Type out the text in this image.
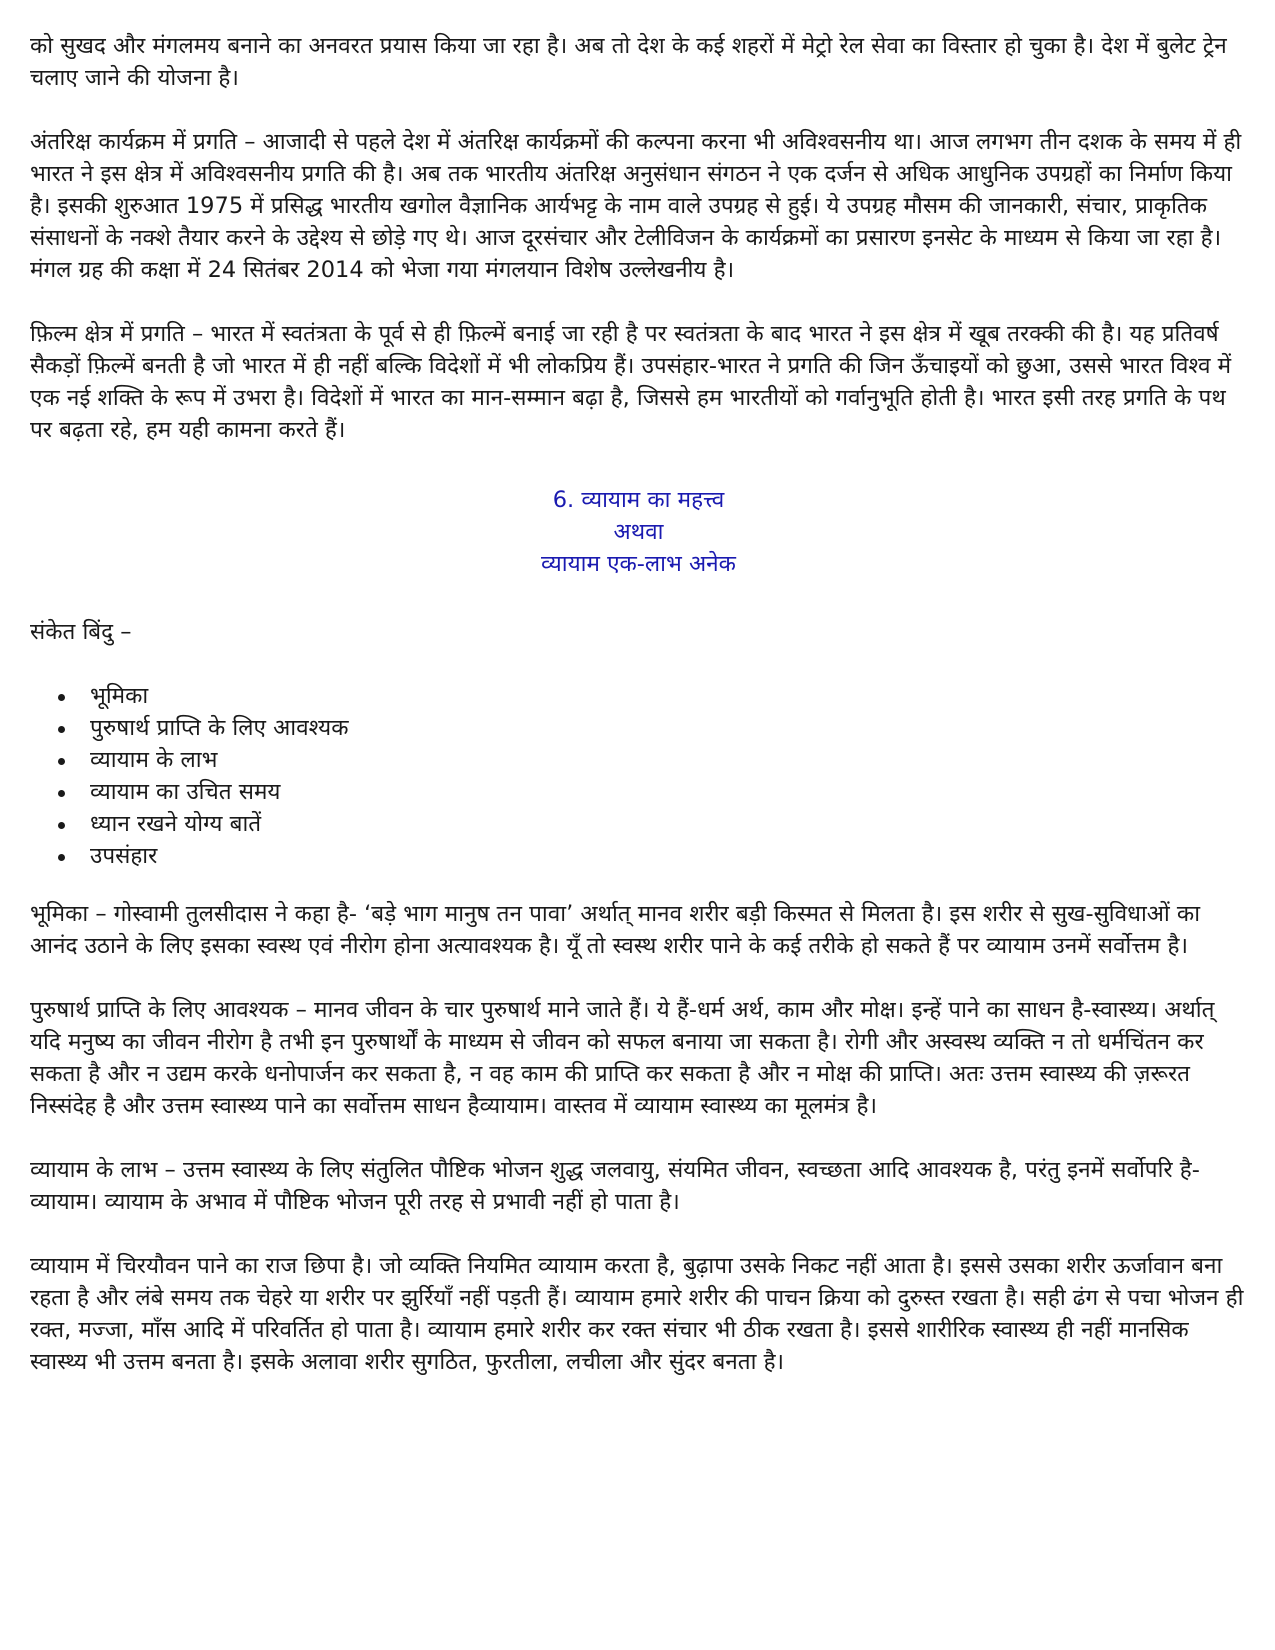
को सुखद और मंगलमय बनाने का अनवरत प्रयास किया जा रहा है। अब तो देश के कई शहरों में मेट्रो रेल सेवा का विस्तार हो चुका है। देश में बुलेट ट्रेन चलाए जाने की योजना है।

अंतरिक्ष कार्यक्रम में प्रगति – आजादी से पहले देश में अंतरिक्ष कार्यक्रमों की कल्पना करना भी अविश्वसनीय था। आज लगभग तीन दशक के समय में ही भारत ने इस क्षेत्र में अविश्वसनीय प्रगति की है। अब तक भारतीय अंतरिक्ष अनुसंधान संगठन ने एक दर्जन से अधिक आधुनिक उपग्रहों का निर्माण किया है। इसकी शुरुआत 1975 में प्रसिद्ध भारतीय खगोल वैज्ञानिक आर्यभट्ट के नाम वाले उपग्रह से हुई। ये उपग्रह मौसम की जानकारी, संचार, प्राकृतिक संसाधनों के नक्शे तैयार करने के उद्देश्य से छोड़े गए थे। आज दूरसंचार और टेलीविजन के कार्यक्रमों का प्रसारण इनसेट के माध्यम से किया जा रहा है। मंगल ग्रह की कक्षा में 24 सितंबर 2014 को भेजा गया मंगलयान विशेष उल्लेखनीय है।

फ़िल्म क्षेत्र में प्रगति – भारत में स्वतंत्रता के पूर्व से ही फ़िल्में बनाई जा रही है पर स्वतंत्रता के बाद भारत ने इस क्षेत्र में खूब तरक्की की है। यह प्रतिवर्ष सैकड़ों फ़िल्में बनती है जो भारत में ही नहीं बल्कि विदेशों में भी लोकप्रिय हैं। उपसंहार-भारत ने प्रगति की जिन ऊँचाइयों को छुआ, उससे भारत विश्व में एक नई शक्ति के रूप में उभरा है। विदेशों में भारत का मान-सम्मान बढ़ा है, जिससे हम भारतीयों को गर्वानुभूति होती है। भारत इसी तरह प्रगति के पथ पर बढ़ता रहे, हम यही कामना करते हैं।

6. व्यायाम का महत्त्व
अथवा
व्यायाम एक-लाभ अनेक

संकेत बिंदु –

भूमिका
पुरुषार्थ प्राप्ति के लिए आवश्यक
व्यायाम के लाभ
व्यायाम का उचित समय
ध्यान रखने योग्य बातें
उपसंहार

भूमिका – गोस्वामी तुलसीदास ने कहा है- ‘बड़े भाग मानुष तन पावा’ अर्थात् मानव शरीर बड़ी किस्मत से मिलता है। इस शरीर से सुख-सुविधाओं का आनंद उठाने के लिए इसका स्वस्थ एवं नीरोग होना अत्यावश्यक है। यूँ तो स्वस्थ शरीर पाने के कई तरीके हो सकते हैं पर व्यायाम उनमें सर्वोत्तम है।

पुरुषार्थ प्राप्ति के लिए आवश्यक – मानव जीवन के चार पुरुषार्थ माने जाते हैं। ये हैं-धर्म अर्थ, काम और मोक्ष। इन्हें पाने का साधन है-स्वास्थ्य। अर्थात् यदि मनुष्य का जीवन नीरोग है तभी इन पुरुषार्थों के माध्यम से जीवन को सफल बनाया जा सकता है। रोगी और अस्वस्थ व्यक्ति न तो धर्मचिंतन कर सकता है और न उद्यम करके धनोपार्जन कर सकता है, न वह काम की प्राप्ति कर सकता है और न मोक्ष की प्राप्ति। अतः उत्तम स्वास्थ्य की ज़रूरत निस्संदेह है और उत्तम स्वास्थ्य पाने का सर्वोत्तम साधन हैव्यायाम। वास्तव में व्यायाम स्वास्थ्य का मूलमंत्र है।

व्यायाम के लाभ – उत्तम स्वास्थ्य के लिए संतुलित पौष्टिक भोजन शुद्ध जलवायु, संयमित जीवन, स्वच्छता आदि आवश्यक है, परंतु इनमें सर्वोपरि है-व्यायाम। व्यायाम के अभाव में पौष्टिक भोजन पूरी तरह से प्रभावी नहीं हो पाता है।

व्यायाम में चिरयौवन पाने का राज छिपा है। जो व्यक्ति नियमित व्यायाम करता है, बुढ़ापा उसके निकट नहीं आता है। इससे उसका शरीर ऊर्जावान बना रहता है और लंबे समय तक चेहरे या शरीर पर झुर्रियाँ नहीं पड़ती हैं। व्यायाम हमारे शरीर की पाचन क्रिया को दुरुस्त रखता है। सही ढंग से पचा भोजन ही रक्त, मज्जा, माँस आदि में परिवर्तित हो पाता है। व्यायाम हमारे शरीर कर रक्त संचार भी ठीक रखता है। इससे शारीरिक स्वास्थ्य ही नहीं मानसिक स्वास्थ्य भी उत्तम बनता है। इसके अलावा शरीर सुगठित, फुरतीला, लचीला और सुंदर बनता है।
